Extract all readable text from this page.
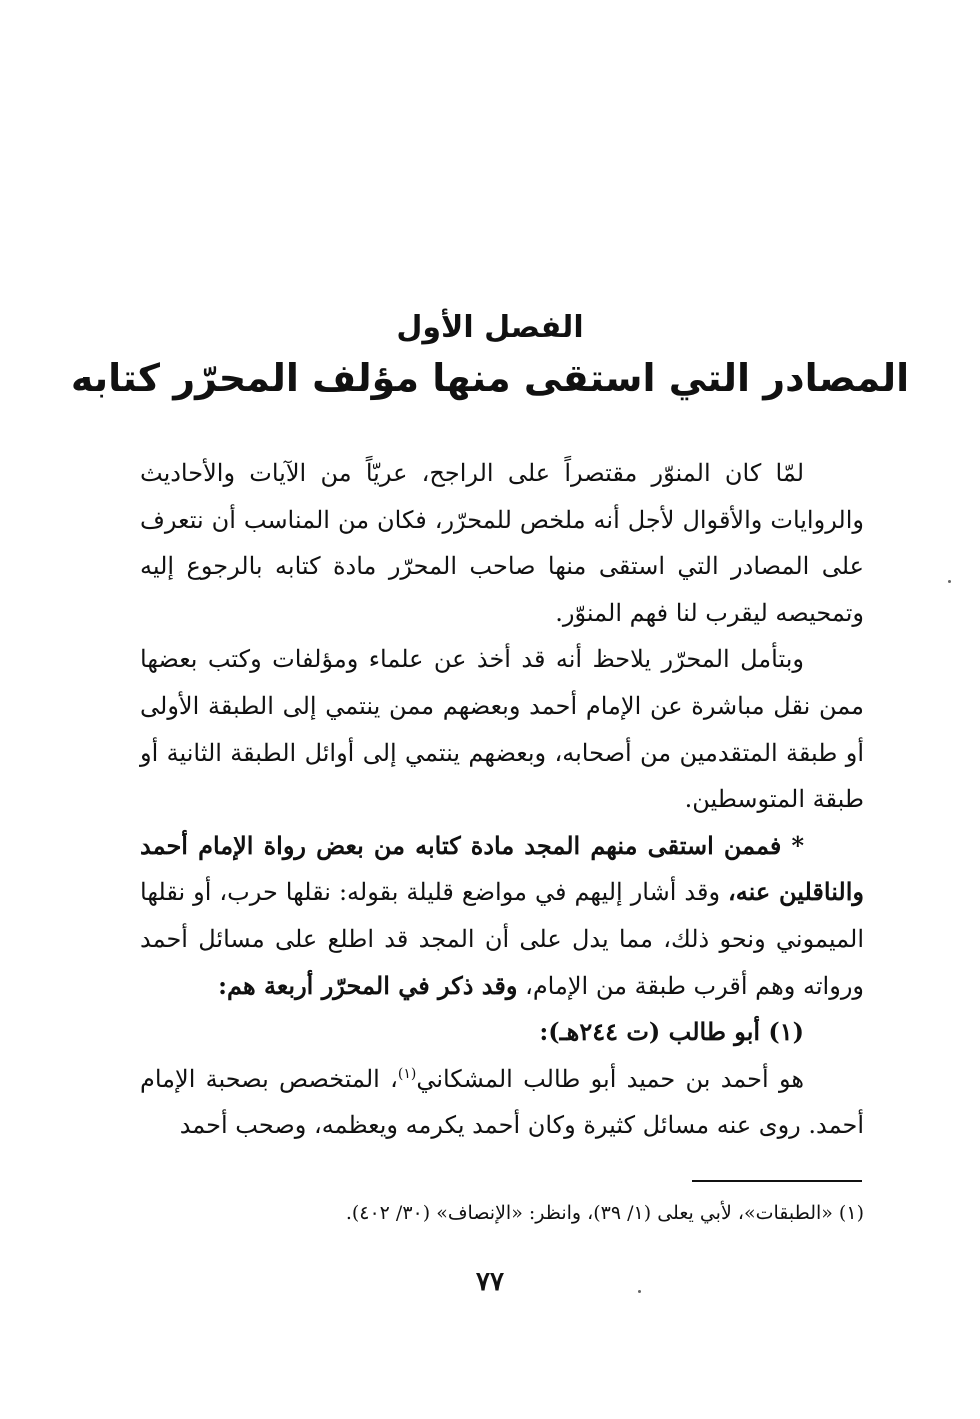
الفصل الأول
المصادر التي استقى منها مؤلف المحرّر كتابه

لمّا كان المنوّر مقتصراً على الراجح، عريّاً من الآيات والأحاديث والروايات والأقوال لأجل أنه ملخص للمحرّر، فكان من المناسب أن نتعرف على المصادر التي استقى منها صاحب المحرّر مادة كتابه بالرجوع إليه وتمحيصه ليقرب لنا فهم المنوّر.

وبتأمل المحرّر يلاحظ أنه قد أخذ عن علماء ومؤلفات وكتب بعضها ممن نقل مباشرة عن الإمام أحمد وبعضهم ممن ينتمي إلى الطبقة الأولى أو طبقة المتقدمين من أصحابه، وبعضهم ينتمي إلى أوائل الطبقة الثانية أو طبقة المتوسطين.

* فممن استقى منهم المجد مادة كتابه من بعض رواة الإمام أحمد والناقلين عنه، وقد أشار إليهم في مواضع قليلة بقوله: نقلها حرب، أو نقلها الميموني ونحو ذلك، مما يدل على أن المجد قد اطلع على مسائل أحمد ورواته وهم أقرب طبقة من الإمام، وقد ذكر في المحرّر أربعة هم:

(١) أبو طالب (ت ٢٤٤هـ):

هو أحمد بن حميد أبو طالب المشكاني$^{(١)}$، المتخصص بصحبة الإمام أحمد. روى عنه مسائل كثيرة وكان أحمد يكرمه ويعظمه، وصحب أحمد

(١) «الطبقات»، لأبي يعلى (١/ ٣٩)، وانظر: «الإنصاف» (٣٠/ ٤٠٢).
٧٧
